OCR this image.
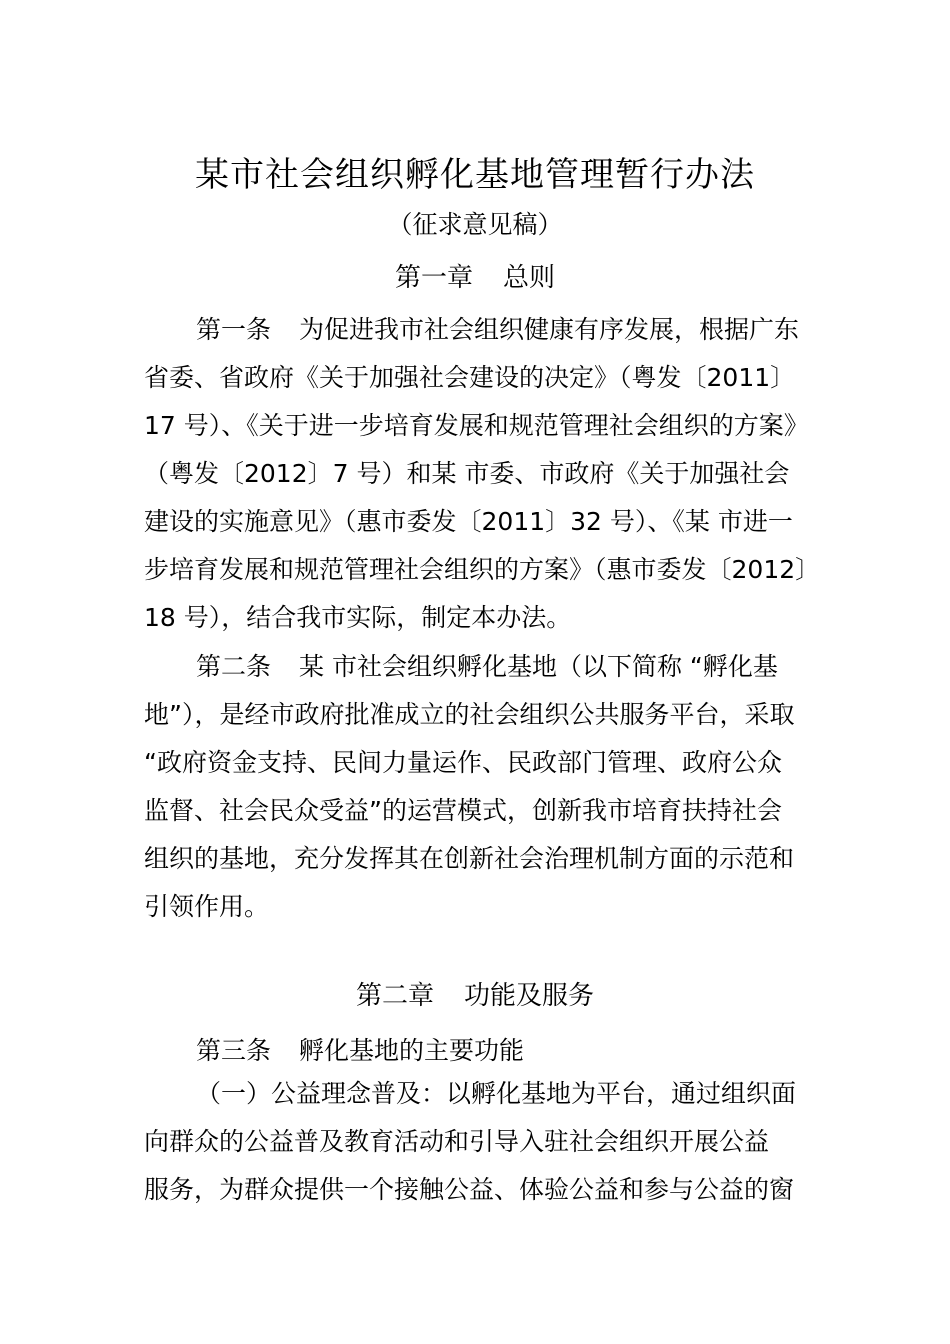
某市社会组织孵化基地管理暂行办法
（征求意见稿）
第一章 总则
第一条 为促进我市社会组织健康有序发展，根据广东
省委、省政府《关于加强社会建设的决定》（粤发〔2011〕
17 号）、《关于进一步培育发展和规范管理社会组织的方案》
（粤发〔2012〕7 号）和某 市委、市政府《关于加强社会
建设的实施意见》（惠市委发〔2011〕32 号）、《某 市进一
步培育发展和规范管理社会组织的方案》（惠市委发〔2012〕
18 号），结合我市实际，制定本办法。
第二条 某 市社会组织孵化基地（以下简称 “孵化基
地”），是经市政府批准成立的社会组织公共服务平台，采取
“政府资金支持、民间力量运作、民政部门管理、政府公众
监督、社会民众受益”的运营模式，创新我市培育扶持社会
组织的基地，充分发挥其在创新社会治理机制方面的示范和
引领作用。
第二章 功能及服务
第三条 孵化基地的主要功能
（一）公益理念普及：以孵化基地为平台，通过组织面
向群众的公益普及教育活动和引导入驻社会组织开展公益
服务，为群众提供一个接触公益、体验公益和参与公益的窗
